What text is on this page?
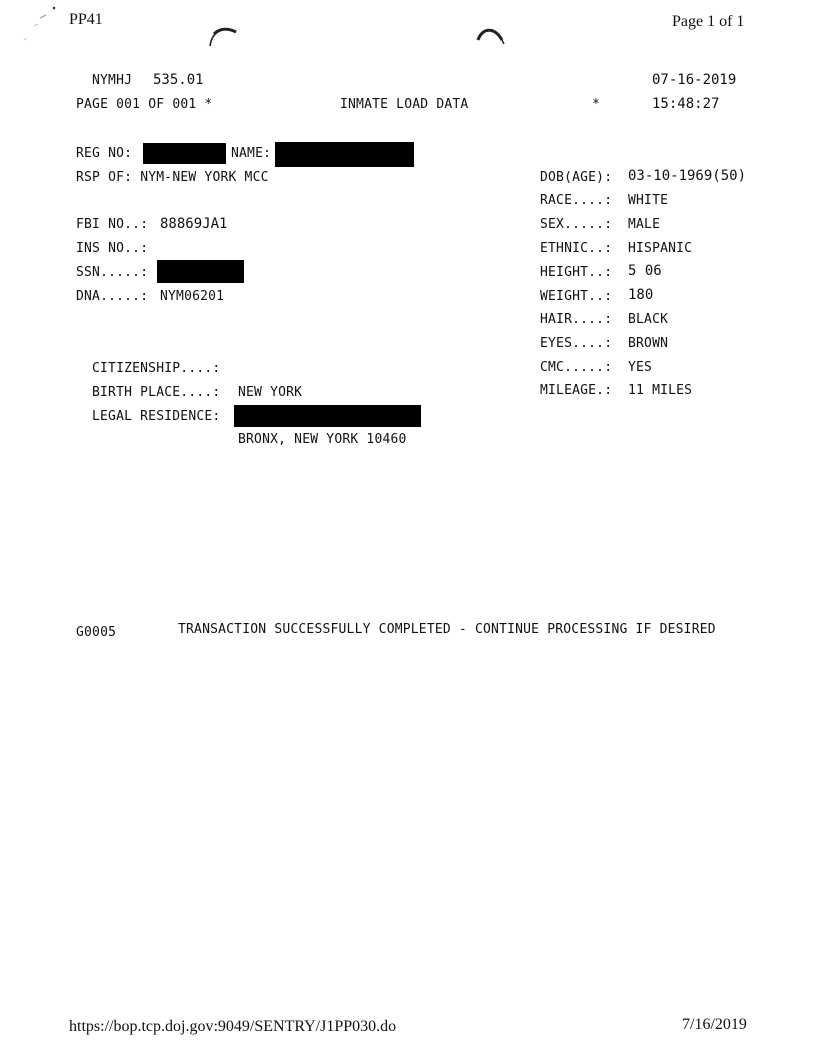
PP41	Page 1 of 1
NYMHJ 535.01	07-16-2019
PAGE 001 OF 001 *	INMATE LOAD DATA	*	15:48:27
REG NO:	NAME:
RSP OF: NYM-NEW YORK MCC
FBI NO..: 88869JA1
INS NO..:
SSN.....:
DNA.....: NYM06201
DOB(AGE): 03-10-1969(50)
RACE....: WHITE
SEX.....: MALE
ETHNIC..: HISPANIC
HEIGHT..: 5 06
WEIGHT..: 180
HAIR....: BLACK
EYES....: BROWN
CMC.....: YES
MILEAGE.: 11 MILES
CITIZENSHIP....:
BIRTH PLACE....: NEW YORK
LEGAL RESIDENCE:
BRONX, NEW YORK 10460
G0005	TRANSACTION SUCCESSFULLY COMPLETED - CONTINUE PROCESSING IF DESIRED
https://bop.tcp.doj.gov:9049/SENTRY/J1PP030.do	7/16/2019
